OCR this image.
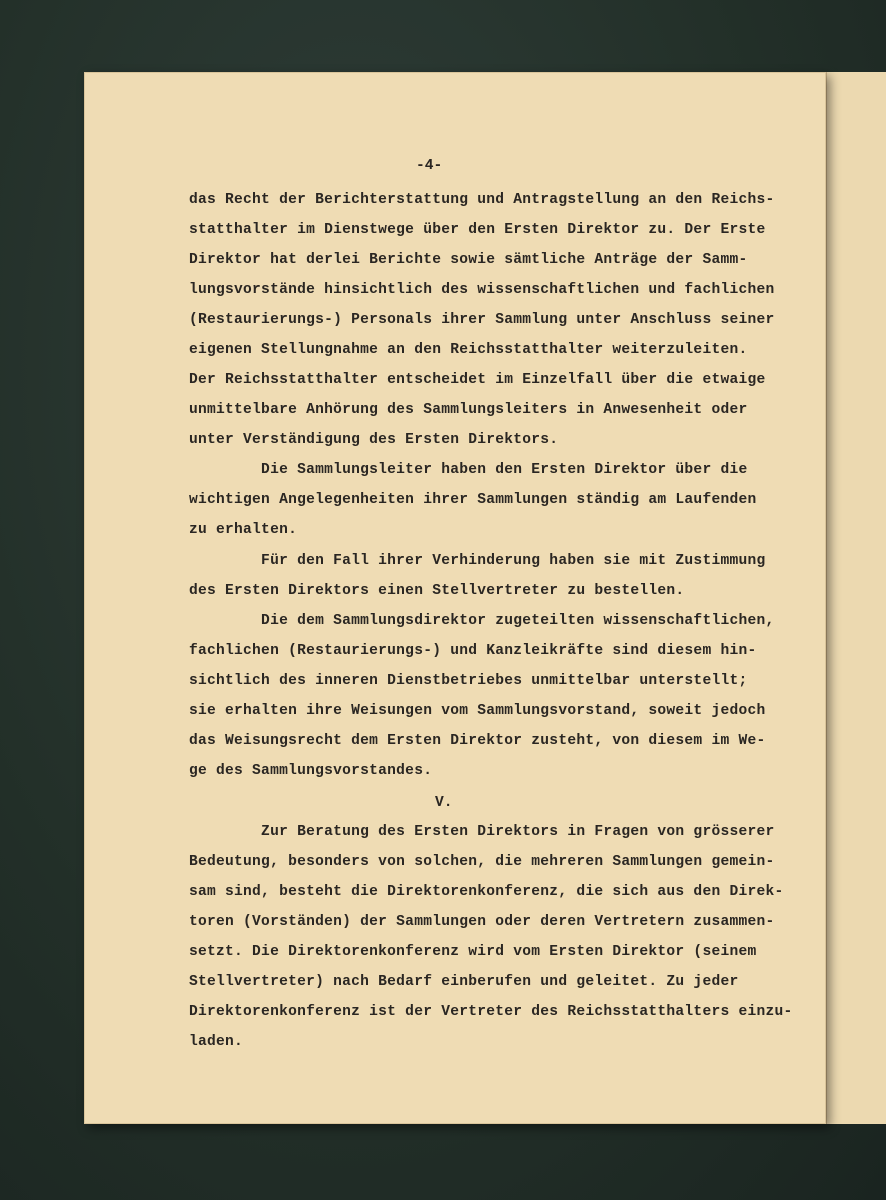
-4-
das Recht der Berichterstattung und Antragstellung an den Reichs-
statthalter im Dienstwege über den Ersten Direktor zu. Der Erste
Direktor hat derlei Berichte sowie sämtliche Anträge der Samm-
lungsvorstände hinsichtlich des wissenschaftlichen und fachlichen
(Restaurierungs-) Personals ihrer Sammlung unter Anschluss seiner
eigenen Stellungnahme an den Reichsstatthalter weiterzuleiten.
Der Reichsstatthalter entscheidet im Einzelfall über die etwaige
unmittelbare Anhörung des Sammlungsleiters in Anwesenheit oder
unter Verständigung des Ersten Direktors.
Die Sammlungsleiter haben den Ersten Direktor über die
wichtigen Angelegenheiten ihrer Sammlungen ständig am Laufenden
zu erhalten.
Für den Fall ihrer Verhinderung haben sie mit Zustimmung
des Ersten Direktors einen Stellvertreter zu bestellen.
Die dem Sammlungsdirektor zugeteilten wissenschaftlichen,
fachlichen (Restaurierungs-) und Kanzleikräfte sind diesem hin-
sichtlich des inneren Dienstbetriebes unmittelbar unterstellt;
sie erhalten ihre Weisungen vom Sammlungsvorstand, soweit jedoch
das Weisungsrecht dem Ersten Direktor zusteht, von diesem im We-
ge des Sammlungsvorstandes.
Zur Beratung des Ersten Direktors in Fragen von grösserer
Bedeutung, besonders von solchen, die mehreren Sammlungen gemein-
sam sind, besteht die Direktorenkonferenz, die sich aus den Direk-
toren (Vorständen) der Sammlungen oder deren Vertretern zusammen-
setzt. Die Direktorenkonferenz wird vom Ersten Direktor (seinem
Stellvertreter) nach Bedarf einberufen und geleitet. Zu jeder
Direktorenkonferenz ist der Vertreter des Reichsstatthalters einzu-
laden.
V.
